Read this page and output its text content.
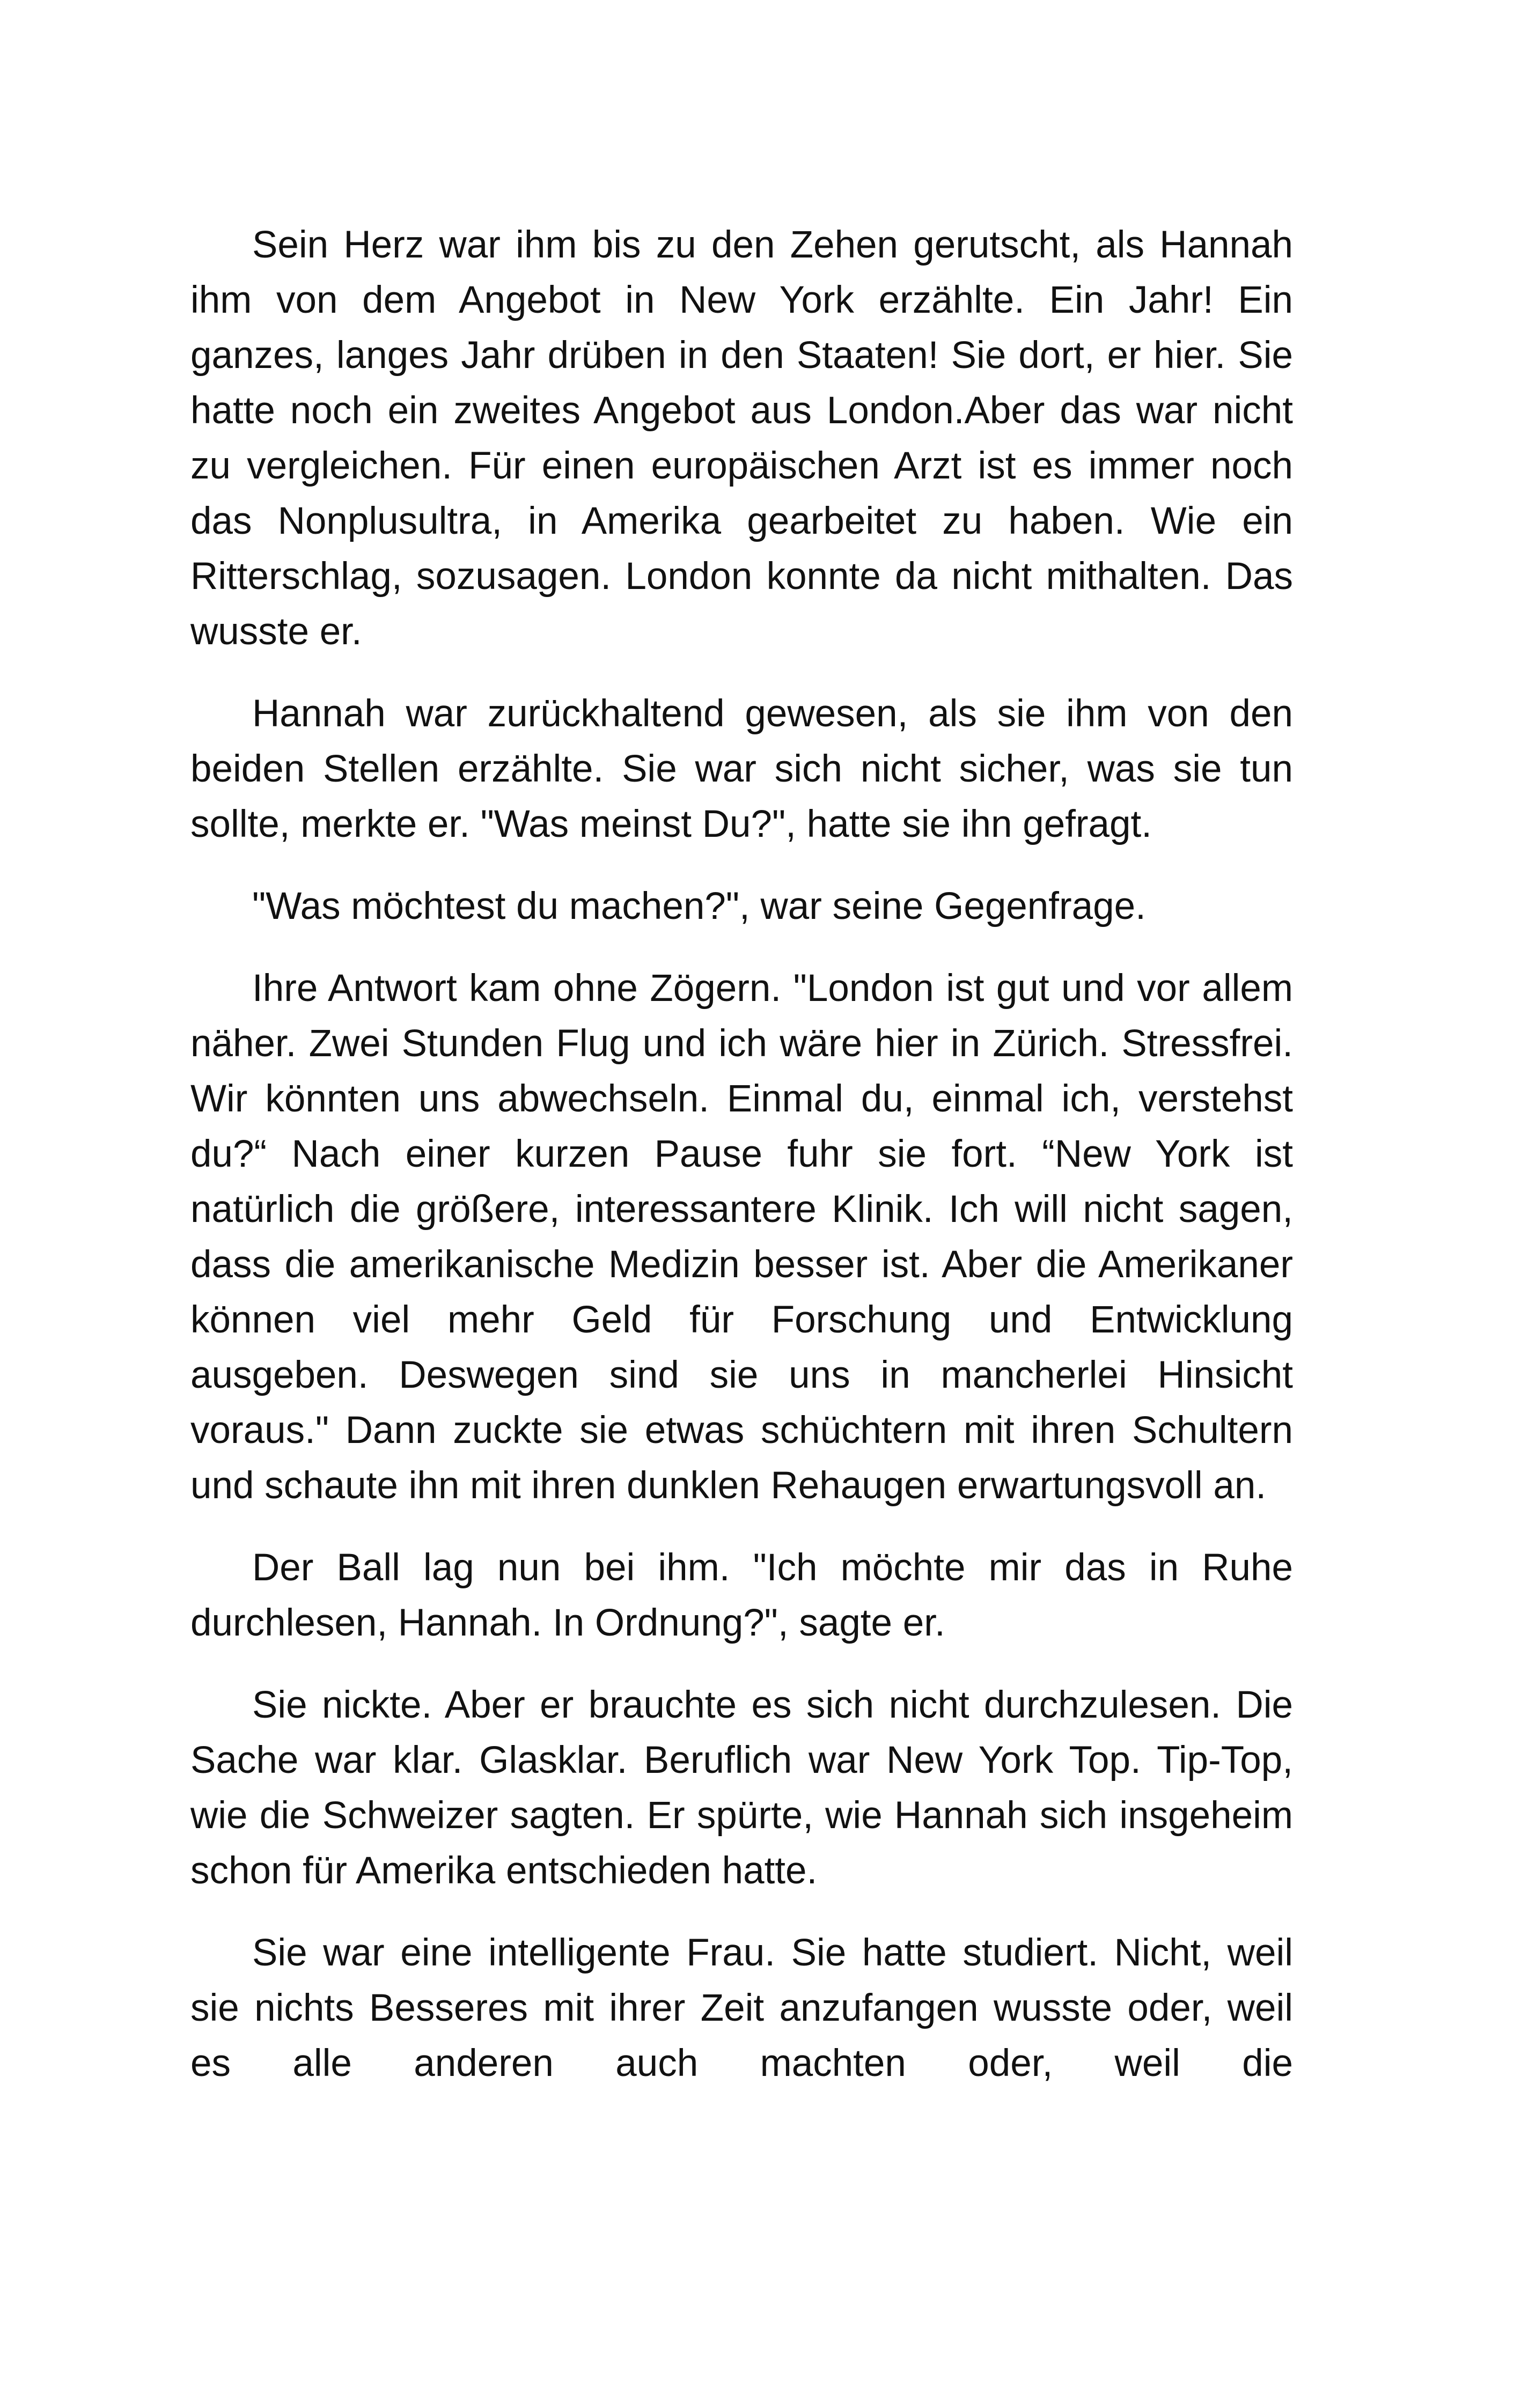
Sein Herz war ihm bis zu den Zehen gerutscht, als Hannah ihm von dem Angebot in New York erzählte. Ein Jahr! Ein ganzes, langes Jahr drüben in den Staaten! Sie dort, er hier. Sie hatte noch ein zweites Angebot aus London.Aber das war nicht zu vergleichen. Für einen europäischen Arzt ist es immer noch das Nonplusultra, in Amerika gearbeitet zu haben. Wie ein Ritterschlag, sozusagen. London konnte da nicht mithalten. Das wusste er.

Hannah war zurückhaltend gewesen, als sie ihm von den beiden Stellen erzählte. Sie war sich nicht sicher, was sie tun sollte, merkte er. "Was meinst Du?", hatte sie ihn gefragt.

"Was möchtest du machen?", war seine Gegenfrage.

Ihre Antwort kam ohne Zögern. "London ist gut und vor allem näher. Zwei Stunden Flug und ich wäre hier in Zürich. Stressfrei. Wir könnten uns abwechseln. Einmal du, einmal ich, verstehst du?“ Nach einer kurzen Pause fuhr sie fort. “New York ist natürlich die größere, interessantere Klinik. Ich will nicht sagen, dass die amerikanische Medizin besser ist. Aber die Amerikaner können viel mehr Geld für Forschung und Entwicklung ausgeben. Deswegen sind sie uns in mancherlei Hinsicht voraus." Dann zuckte sie etwas schüchtern mit ihren Schultern und schaute ihn mit ihren dunklen Rehaugen erwartungsvoll an.

Der Ball lag nun bei ihm. "Ich möchte mir das in Ruhe durchlesen, Hannah. In Ordnung?", sagte er.

Sie nickte. Aber er brauchte es sich nicht durchzulesen. Die Sache war klar. Glasklar. Beruflich war New York Top. Tip-Top, wie die Schweizer sagten. Er spürte, wie Hannah sich insgeheim schon für Amerika entschieden hatte.

Sie war eine intelligente Frau. Sie hatte studiert. Nicht, weil sie nichts Besseres mit ihrer Zeit anzufangen wusste oder, weil es alle anderen auch machten oder, weil die
